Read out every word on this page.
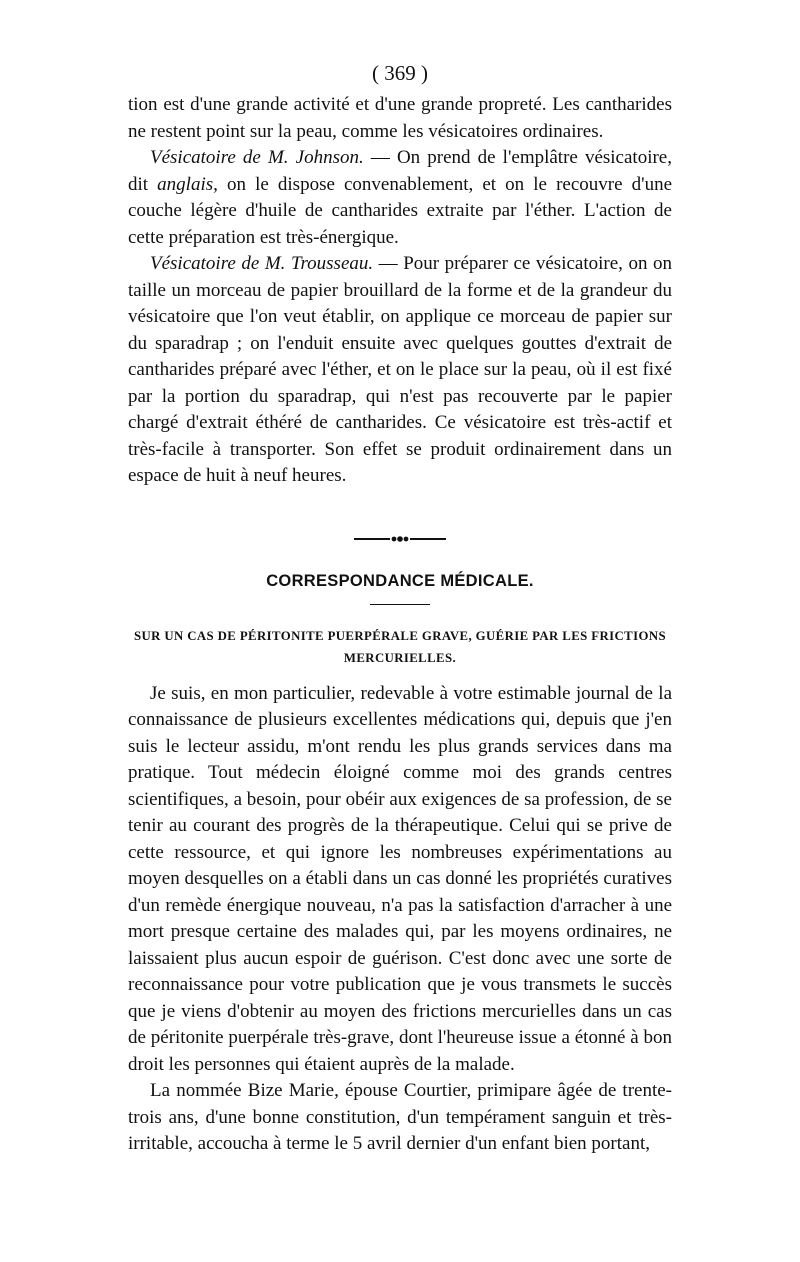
( 369 )

tion est d'une grande activité et d'une grande propreté. Les cantharides ne restent point sur la peau, comme les vésicatoires ordinaires.

Vésicatoire de M. Johnson. — On prend de l'emplâtre vésicatoire, dit anglais, on le dispose convenablement, et on le recouvre d'une couche légère d'huile de cantharides extraite par l'éther. L'action de cette préparation est très-énergique.

Vésicatoire de M. Trousseau. — Pour préparer ce vésicatoire, on on taille un morceau de papier brouillard de la forme et de la grandeur du vésicatoire que l'on veut établir, on applique ce morceau de papier sur du sparadrap ; on l'enduit ensuite avec quelques gouttes d'extrait de cantharides préparé avec l'éther, et on le place sur la peau, où il est fixé par la portion du sparadrap, qui n'est pas recouverte par le papier chargé d'extrait éthéré de cantharides. Ce vésicatoire est très-actif et très-facile à transporter. Son effet se produit ordinairement dans un espace de huit à neuf heures.

CORRESPONDANCE MÉDICALE.
SUR UN CAS DE PÉRITONITE PUERPÉRALE GRAVE, GUÉRIE PAR LES FRICTIONS
MERCURIELLES.

Je suis, en mon particulier, redevable à votre estimable journal de la connaissance de plusieurs excellentes médications qui, depuis que j'en suis le lecteur assidu, m'ont rendu les plus grands services dans ma pratique. Tout médecin éloigné comme moi des grands centres scientifiques, a besoin, pour obéir aux exigences de sa profession, de se tenir au courant des progrès de la thérapeutique. Celui qui se prive de cette ressource, et qui ignore les nombreuses expérimentations au moyen desquelles on a établi dans un cas donné les propriétés curatives d'un remède énergique nouveau, n'a pas la satisfaction d'arracher à une mort presque certaine des malades qui, par les moyens ordinaires, ne laissaient plus aucun espoir de guérison. C'est donc avec une sorte de reconnaissance pour votre publication que je vous transmets le succès que je viens d'obtenir au moyen des frictions mercurielles dans un cas de péritonite puerpérale très-grave, dont l'heureuse issue a étonné à bon droit les personnes qui étaient auprès de la malade.

La nommée Bize Marie, épouse Courtier, primipare âgée de trente-trois ans, d'une bonne constitution, d'un tempérament sanguin et très-irritable, accoucha à terme le 5 avril dernier d'un enfant bien portant,
